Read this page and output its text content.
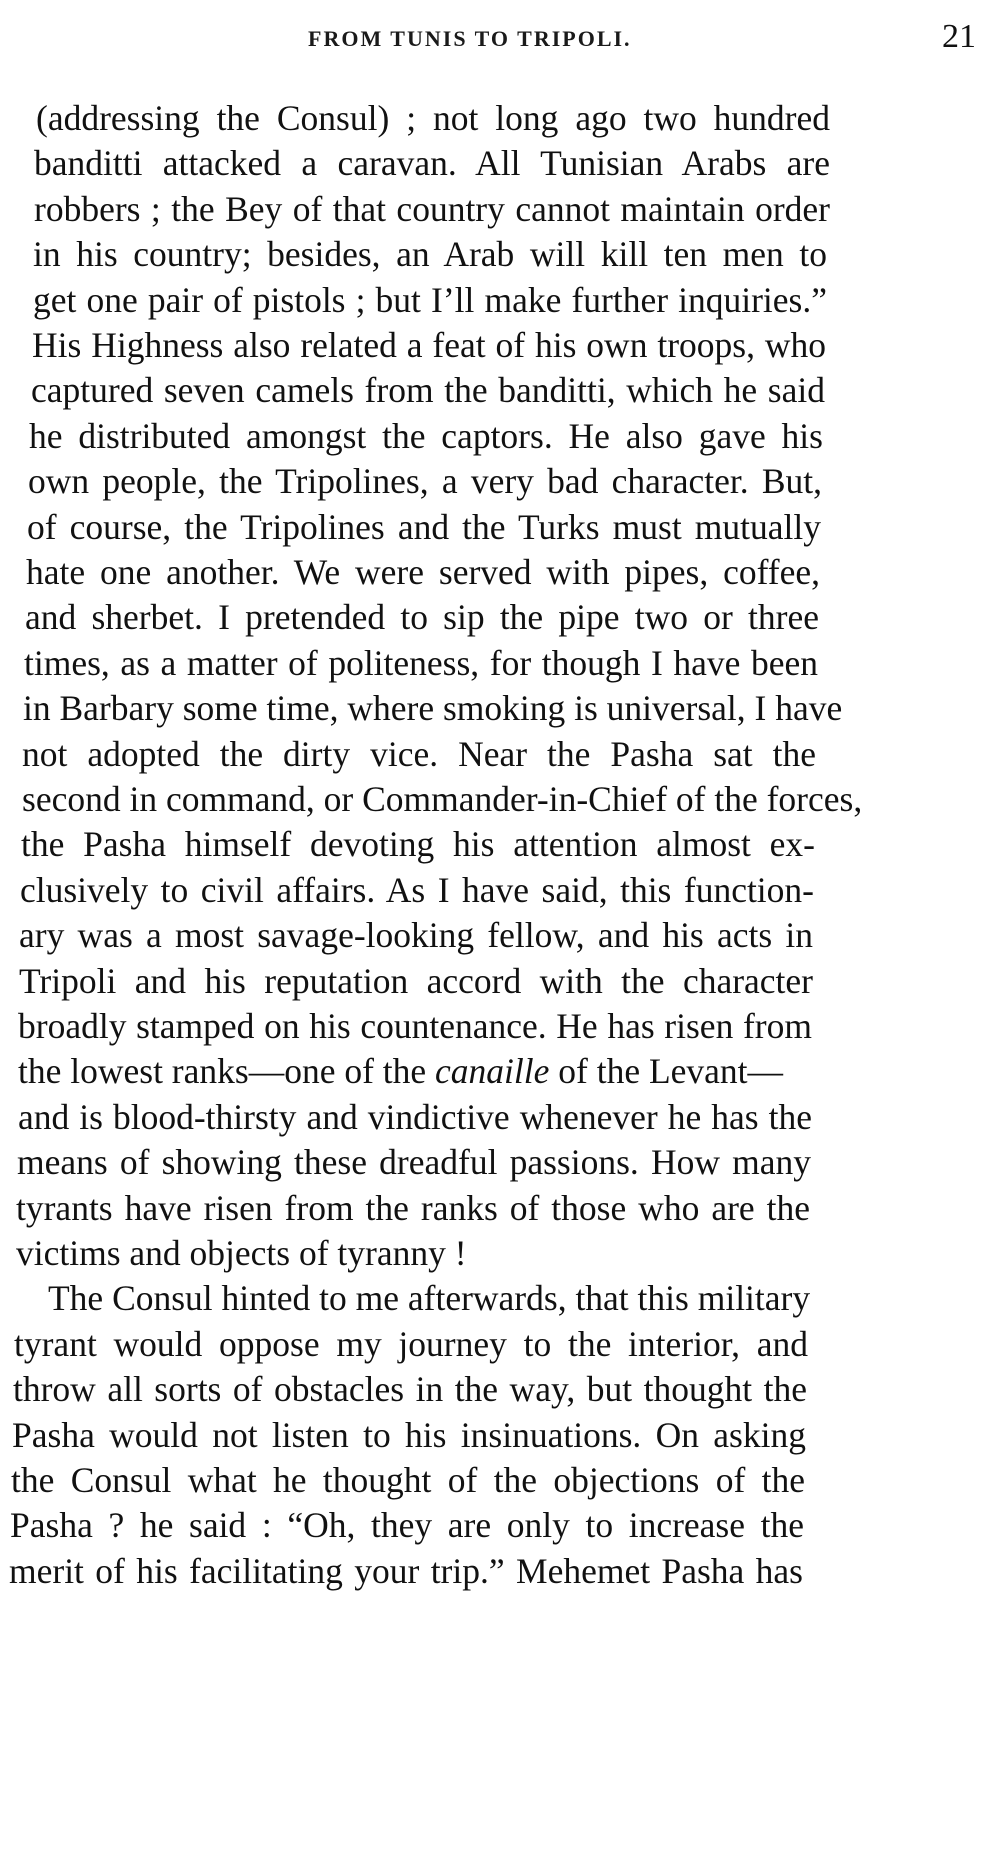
FROM TUNIS TO TRIPOLI.	21
(addressing the Consul) ; not long ago two hundred
banditti attacked a caravan. All Tunisian Arabs are
robbers ; the Bey of that country cannot maintain order
in his country; besides, an Arab will kill ten men to
get one pair of pistols ; but I’ll make further inquiries.”
His Highness also related a feat of his own troops, who
captured seven camels from the banditti, which he said
he distributed amongst the captors. He also gave his
own people, the Tripolines, a very bad character. But,
of course, the Tripolines and the Turks must mutually
hate one another. We were served with pipes, coffee,
and sherbet. I pretended to sip the pipe two or three
times, as a matter of politeness, for though I have been
in Barbary some time, where smoking is universal, I have
not adopted the dirty vice. Near the Pasha sat the
second in command, or Commander-in-Chief of the forces,
the Pasha himself devoting his attention almost ex-
clusively to civil affairs. As I have said, this function-
ary was a most savage-looking fellow, and his acts in
Tripoli and his reputation accord with the character
broadly stamped on his countenance. He has risen from
the lowest ranks—one of the canaille of the Levant—
and is blood-thirsty and vindictive whenever he has the
means of showing these dreadful passions. How many
tyrants have risen from the ranks of those who are the
victims and objects of tyranny !
The Consul hinted to me afterwards, that this military
tyrant would oppose my journey to the interior, and
throw all sorts of obstacles in the way, but thought the
Pasha would not listen to his insinuations. On asking
the Consul what he thought of the objections of the
Pasha ? he said : “Oh, they are only to increase the
merit of his facilitating your trip.” Mehemet Pasha has
